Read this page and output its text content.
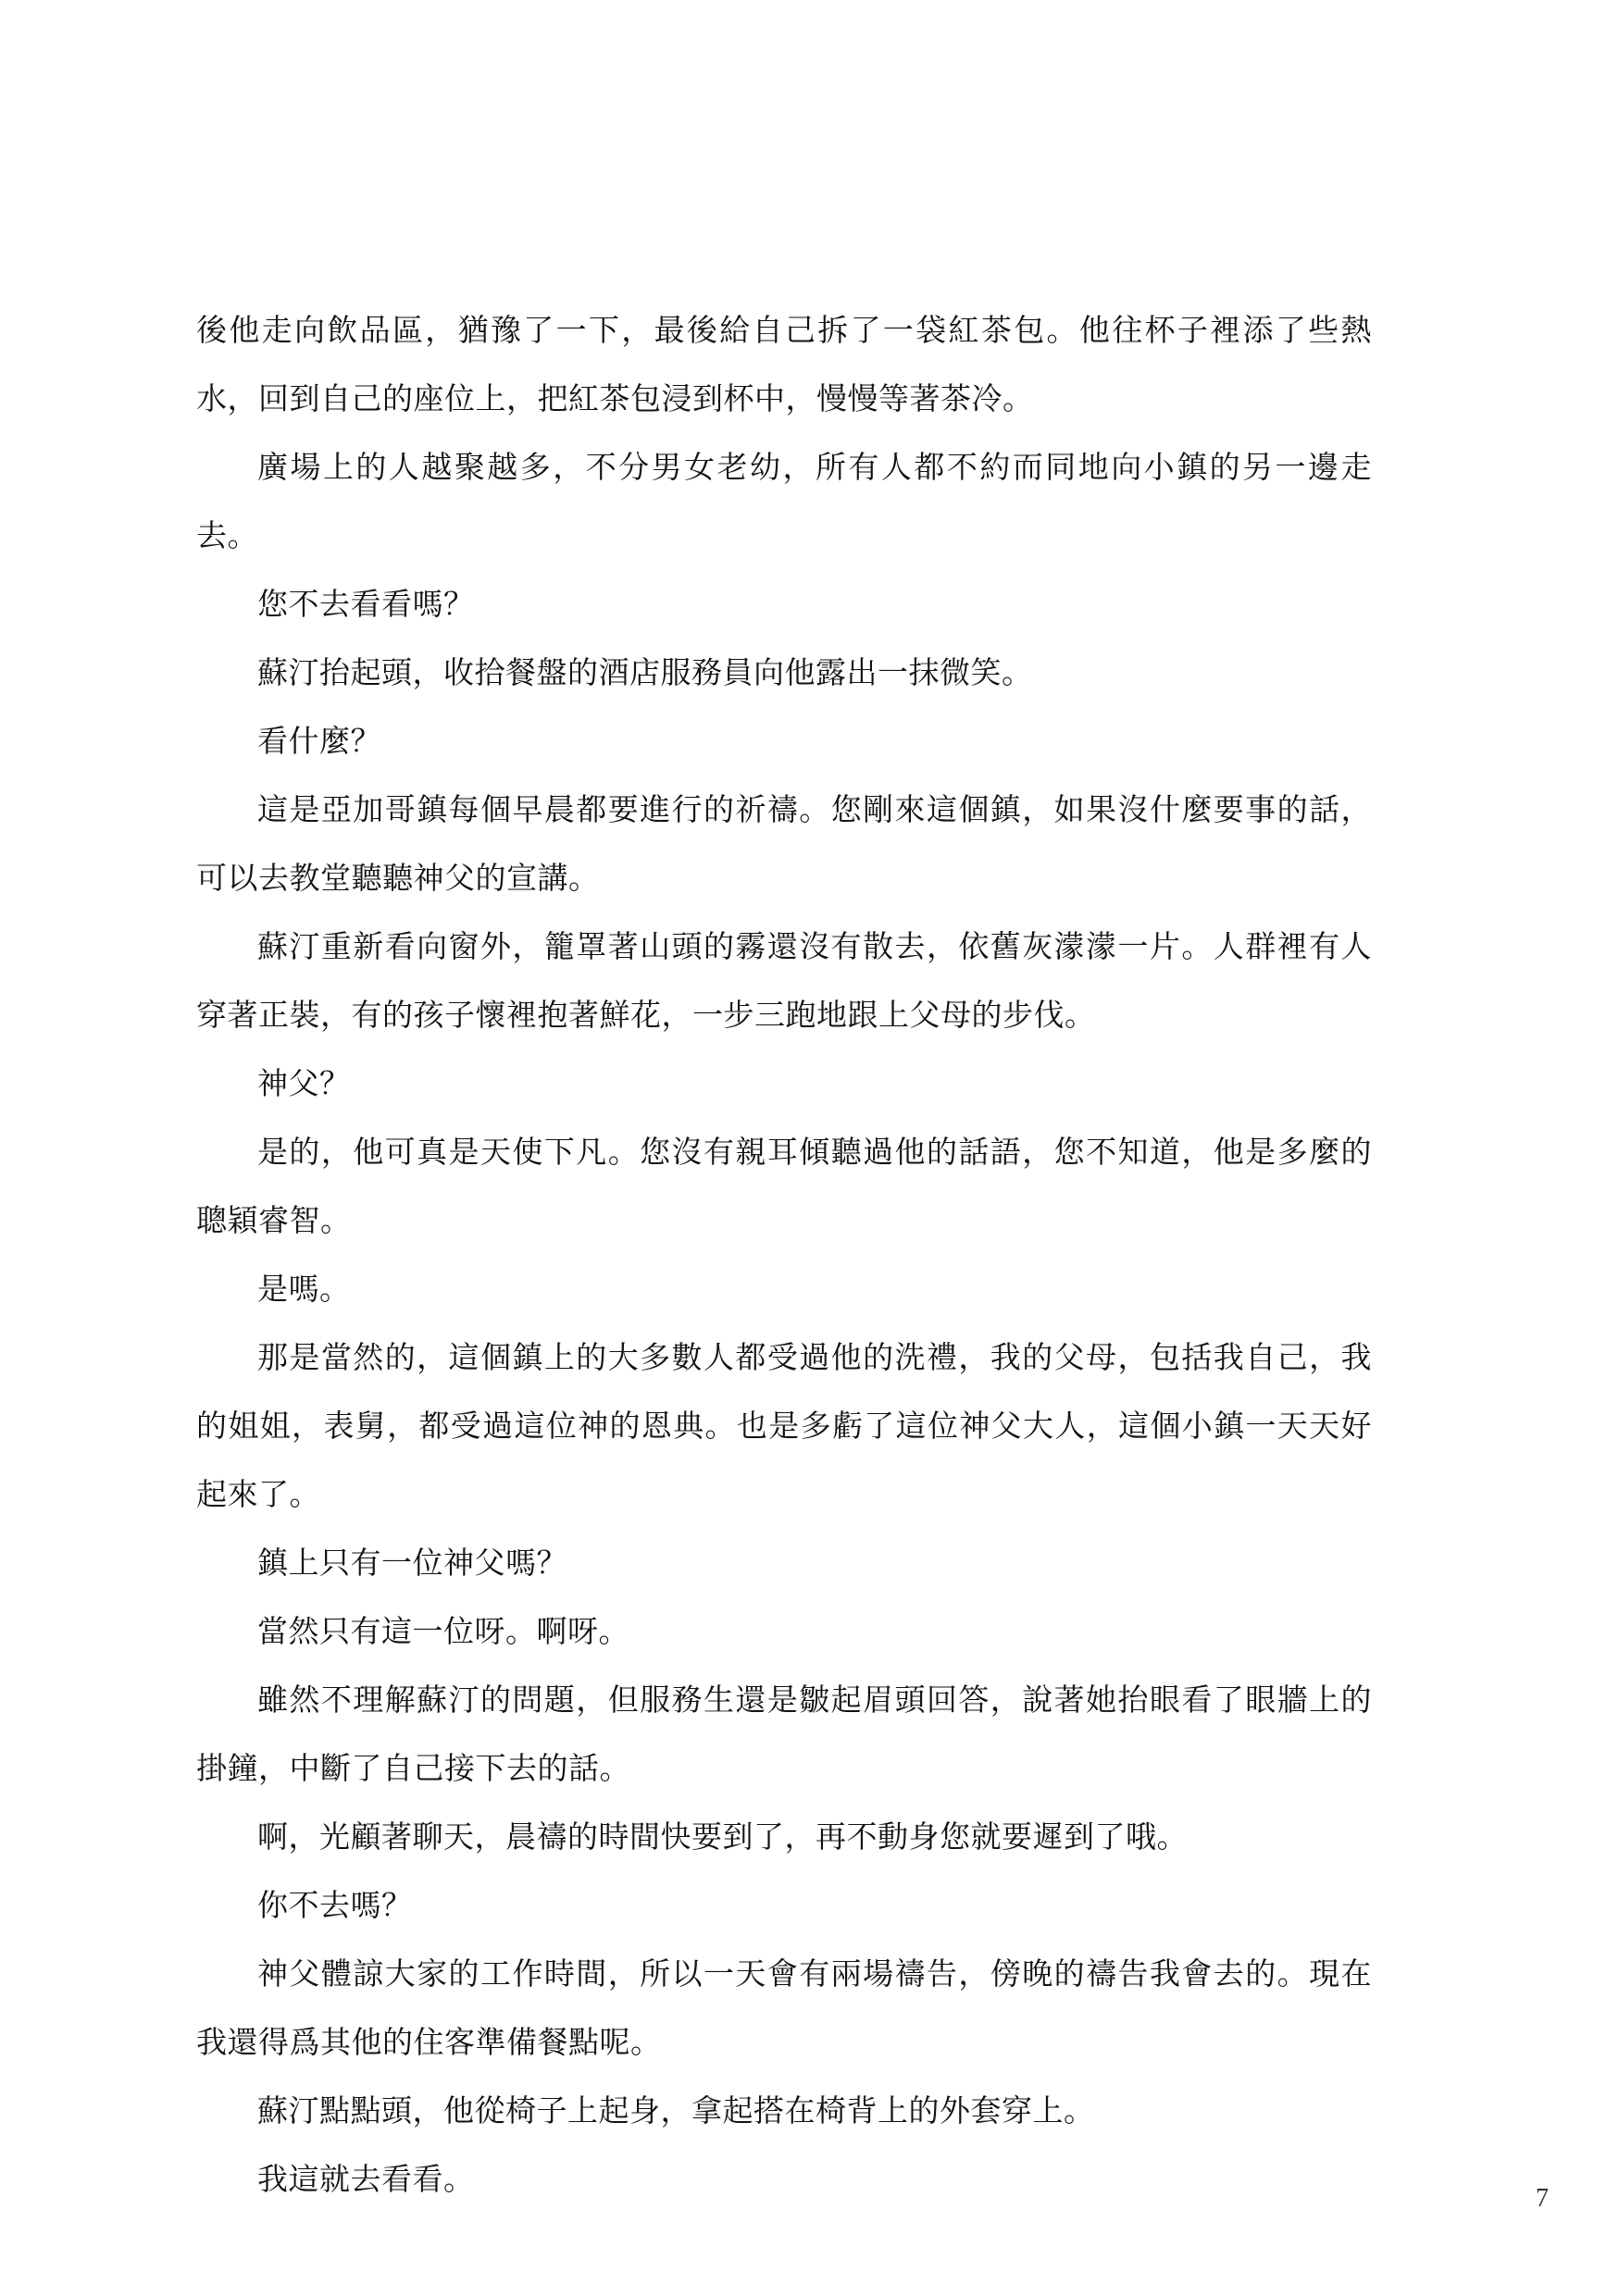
後他走向飲品區，猶豫了一下，最後給自己拆了一袋紅茶包。他往杯子裡添了些熱水，回到自己的座位上，把紅茶包浸到杯中，慢慢等著茶冷。

廣場上的人越聚越多，不分男女老幼，所有人都不約而同地向小鎮的另一邊走去。

您不去看看嗎？

蘇汀抬起頭，收拾餐盤的酒店服務員向他露出一抹微笑。

看什麼？

這是亞加哥鎮每個早晨都要進行的祈禱。您剛來這個鎮，如果沒什麼要事的話，可以去教堂聽聽神父的宣講。

蘇汀重新看向窗外，籠罩著山頭的霧還沒有散去，依舊灰濛濛一片。人群裡有人穿著正裝，有的孩子懷裡抱著鮮花，一步三跑地跟上父母的步伐。

神父？

是的，他可真是天使下凡。您沒有親耳傾聽過他的話語，您不知道，他是多麼的聰穎睿智。

是嗎。

那是當然的，這個鎮上的大多數人都受過他的洗禮，我的父母，包括我自己，我的姐姐，表舅，都受過這位神的恩典。也是多虧了這位神父大人，這個小鎮一天天好起來了。

鎮上只有一位神父嗎？

當然只有這一位呀。啊呀。

雖然不理解蘇汀的問題，但服務生還是皺起眉頭回答，說著她抬眼看了眼牆上的掛鐘，中斷了自己接下去的話。

啊，光顧著聊天，晨禱的時間快要到了，再不動身您就要遲到了哦。

你不去嗎？

神父體諒大家的工作時間，所以一天會有兩場禱告，傍晚的禱告我會去的。現在我還得爲其他的住客準備餐點呢。

蘇汀點點頭，他從椅子上起身，拿起搭在椅背上的外套穿上。

我這就去看看。

7
